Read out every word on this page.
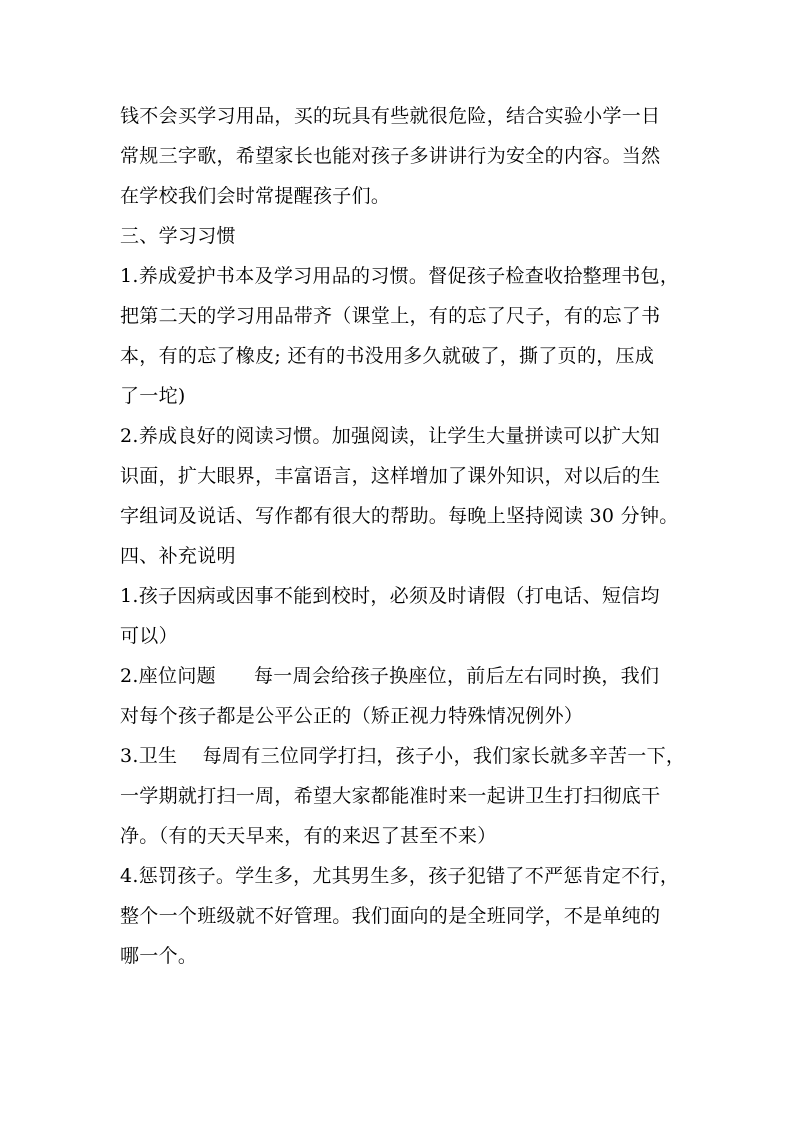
钱不会买学习用品，买的玩具有些就很危险，结合实验小学一日
常规三字歌，希望家长也能对孩子多讲讲行为安全的内容。当然
在学校我们会时常提醒孩子们。
三、学习习惯
1.养成爱护书本及学习用品的习惯。督促孩子检查收拾整理书包，
把第二天的学习用品带齐（课堂上，有的忘了尺子，有的忘了书
本，有的忘了橡皮; 还有的书没用多久就破了，撕了页的，压成
了一坨)
2.养成良好的阅读习惯。加强阅读，让学生大量拼读可以扩大知
识面，扩大眼界，丰富语言，这样增加了课外知识，对以后的生
字组词及说话、写作都有很大的帮助。每晚上坚持阅读 30 分钟。
四、补充说明
1.孩子因病或因事不能到校时，必须及时请假（打电话、短信均
可以）
2.座位问题      每一周会给孩子换座位，前后左右同时换，我们
对每个孩子都是公平公正的（矫正视力特殊情况例外）
3.卫生    每周有三位同学打扫，孩子小，我们家长就多辛苦一下，
一学期就打扫一周，希望大家都能准时来一起讲卫生打扫彻底干
净。（有的天天早来，有的来迟了甚至不来）
4.惩罚孩子。学生多，尤其男生多，孩子犯错了不严惩肯定不行，
整个一个班级就不好管理。我们面向的是全班同学，不是单纯的
哪一个。
